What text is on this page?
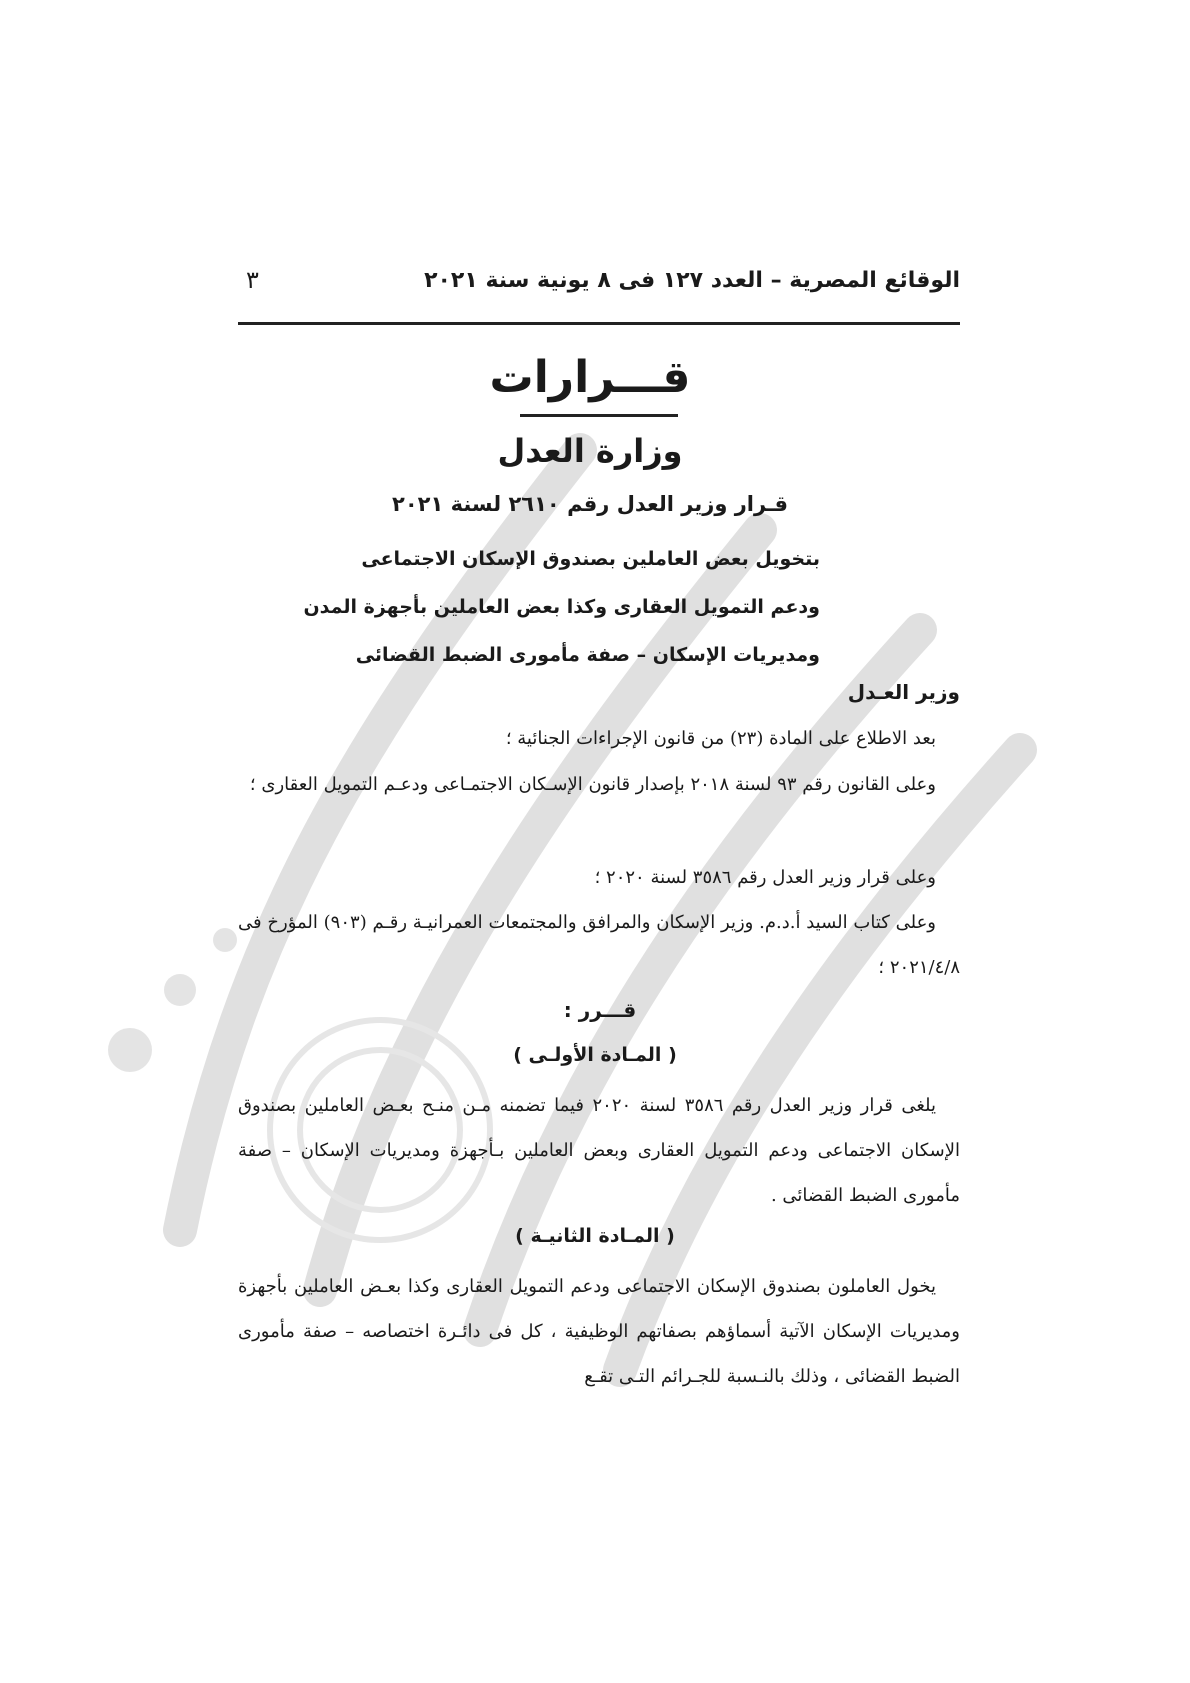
الوقائع المصرية – العدد ١٢٧ فى ٨ يونية سنة ٢٠٢١
٣
قـــرارات
وزارة العدل
قـرار وزير العدل رقم ٢٦١٠ لسنة ٢٠٢١
بتخويل بعض العاملين بصندوق الإسكان الاجتماعى
ودعم التمويل العقارى وكذا بعض العاملين بأجهزة المدن
ومديريات الإسكان – صفة مأمورى الضبط القضائى
وزير العـدل
بعد الاطلاع على المادة (٢٣) من قانون الإجراءات الجنائية ؛
وعلى القانون رقم ٩٣ لسنة ٢٠١٨ بإصدار قانون الإسـكان الاجتمـاعى ودعـم التمويل العقارى ؛
وعلى قرار وزير العدل رقم ٣٥٨٦ لسنة ٢٠٢٠ ؛
وعلى كتاب السيد أ.د.م. وزير الإسكان والمرافق والمجتمعات العمرانيـة رقـم (٩٠٣) المؤرخ فى ٢٠٢١/٤/٨ ؛
قـــرر :
( المـادة الأولـى )
يلغى قرار وزير العدل رقم ٣٥٨٦ لسنة ٢٠٢٠ فيما تضمنه مـن منـح بعـض العاملين بصندوق الإسكان الاجتماعى ودعم التمويل العقارى وبعض العاملين بـأجهزة ومديريات الإسكان – صفة مأمورى الضبط القضائى .
( المـادة الثانيـة )
يخول العاملون بصندوق الإسكان الاجتماعى ودعم التمويل العقارى وكذا بعـض العاملين بأجهزة ومديريات الإسكان الآتية أسماؤهم بصفاتهم الوظيفية ، كل فى دائـرة اختصاصه – صفة مأمورى الضبط القضائى ، وذلك بالنـسبة للجـرائم التـى تقـع
